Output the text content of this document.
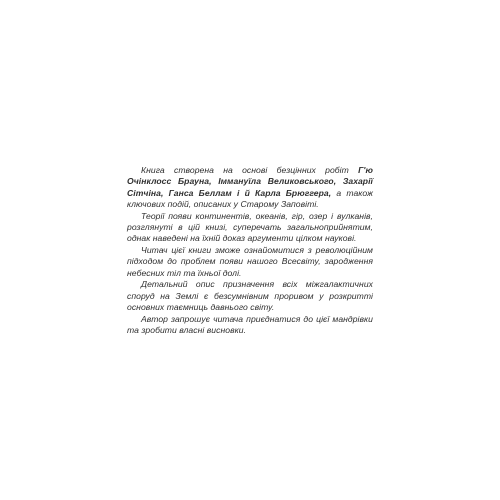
Книга створена на основі безцінних робіт Г'ю Очінклосс Брауна, Іммануїла Великовського, Захарії Сітчіна, Ганса Беллам і й Карла Брюггера, а також ключових подій, описаних у Старому Заповіті.

Теорії появи континентів, океанів, гір, озер і вулканів, розглянуті в цій книзі, суперечать загальноприйнятим, однак наведені на їхній доказ аргументи цілком наукові.

Читач цієї книги зможе ознайомитися з революційним підходом до проблем появи нашого Всесвіту, зародження небесних тіл та їхньої долі.

Детальний опис призначення всіх міжгалактичних споруд на Землі є безсумнівним проривом у розкритті основних таємниць давнього світу.

Автор запрошує читача приєднатися до цієї мандрівки та зробити власні висновки.
